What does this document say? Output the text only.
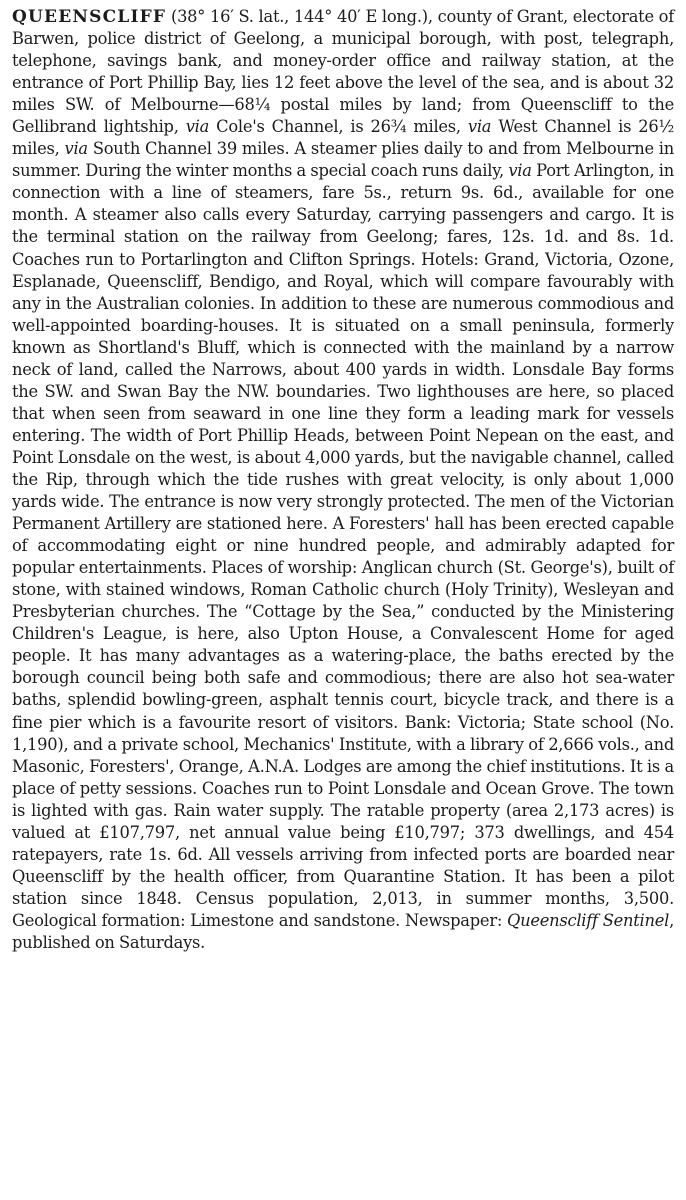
QUEENSCLIFF (38° 16′ S. lat., 144° 40′ E long.), county of Grant, electorate of Barwen, police district of Geelong, a municipal borough, with post, telegraph, telephone, savings bank, and money-order office and railway station, at the entrance of Port Phillip Bay, lies 12 feet above the level of the sea, and is about 32 miles SW. of Melbourne—68¼ postal miles by land; from Queenscliff to the Gellibrand lightship, via Cole's Channel, is 26¾ miles, via West Channel is 26½ miles, via South Channel 39 miles. A steamer plies daily to and from Melbourne in summer. During the winter months a special coach runs daily, via Port Arlington, in connection with a line of steamers, fare 5s., return 9s. 6d., available for one month. A steamer also calls every Saturday, carrying passengers and cargo. It is the terminal station on the railway from Geelong; fares, 12s. 1d. and 8s. 1d. Coaches run to Portarlington and Clifton Springs. Hotels: Grand, Victoria, Ozone, Esplanade, Queenscliff, Bendigo, and Royal, which will compare favourably with any in the Australian colonies. In addition to these are numerous commodious and well-appointed boarding-houses. It is situated on a small peninsula, formerly known as Shortland's Bluff, which is connected with the mainland by a narrow neck of land, called the Narrows, about 400 yards in width. Lonsdale Bay forms the SW. and Swan Bay the NW. boundaries. Two lighthouses are here, so placed that when seen from seaward in one line they form a leading mark for vessels entering. The width of Port Phillip Heads, between Point Nepean on the east, and Point Lonsdale on the west, is about 4,000 yards, but the navigable channel, called the Rip, through which the tide rushes with great velocity, is only about 1,000 yards wide. The entrance is now very strongly protected. The men of the Victorian Permanent Artillery are stationed here. A Foresters' hall has been erected capable of accommodating eight or nine hundred people, and admirably adapted for popular entertainments. Places of worship: Anglican church (St. George's), built of stone, with stained windows, Roman Catholic church (Holy Trinity), Wesleyan and Presbyterian churches. The “Cottage by the Sea,” conducted by the Ministering Children's League, is here, also Upton House, a Convalescent Home for aged people. It has many advantages as a watering-place, the baths erected by the borough council being both safe and commodious; there are also hot sea-water baths, splendid bowling-green, asphalt tennis court, bicycle track, and there is a fine pier which is a favourite resort of visitors. Bank: Victoria; State school (No. 1,190), and a private school, Mechanics' Institute, with a library of 2,666 vols., and Masonic, Foresters', Orange, A.N.A. Lodges are among the chief institutions. It is a place of petty sessions. Coaches run to Point Lonsdale and Ocean Grove. The town is lighted with gas. Rain water supply. The ratable property (area 2,173 acres) is valued at £107,797, net annual value being £10,797; 373 dwellings, and 454 ratepayers, rate 1s. 6d. All vessels arriving from infected ports are boarded near Queenscliff by the health officer, from Quarantine Station. It has been a pilot station since 1848. Census population, 2,013, in summer months, 3,500. Geological formation: Limestone and sandstone. Newspaper: Queenscliff Sentinel, published on Saturdays.
